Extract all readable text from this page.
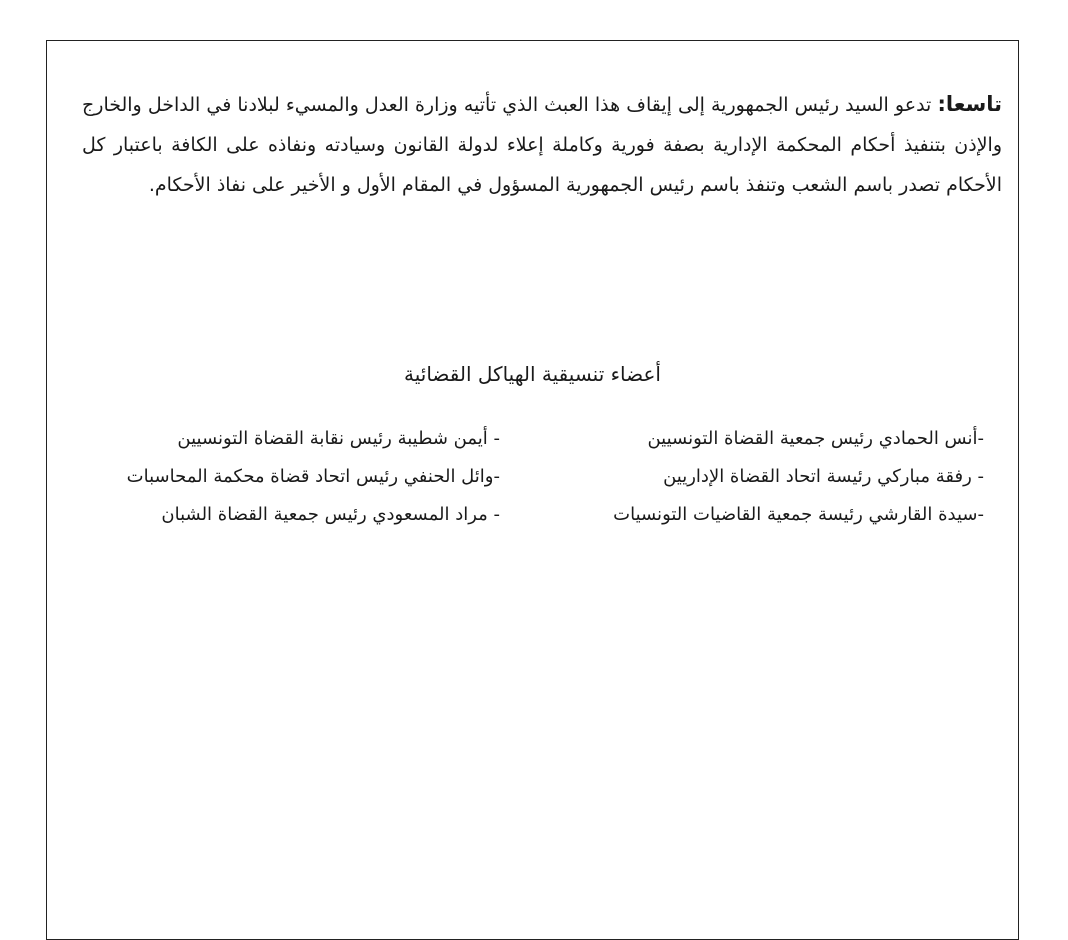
تاسعا: تدعو السيد رئيس الجمهورية إلى إيقاف هذا العبث الذي تأتيه وزارة العدل والمسيء لبلادنا في الداخل والخارج والإذن بتنفيذ أحكام المحكمة الإدارية بصفة فورية وكاملة إعلاء لدولة القانون وسيادته ونفاذه على الكافة باعتبار كل الأحكام تصدر باسم الشعب وتنفذ باسم رئيس الجمهورية المسؤول في المقام الأول و الأخير على نفاذ الأحكام.
أعضاء تنسيقية الهياكل القضائية
-أنس الحمادي رئيس جمعية القضاة التونسيين
- رفقة مباركي رئيسة اتحاد القضاة الإداريين
-سيدة القارشي رئيسة جمعية القاضيات التونسيات
- أيمن شطيبة رئيس نقابة القضاة التونسيين
-وائل الحنفي رئيس اتحاد قضاة محكمة المحاسبات
- مراد المسعودي رئيس جمعية القضاة الشبان
